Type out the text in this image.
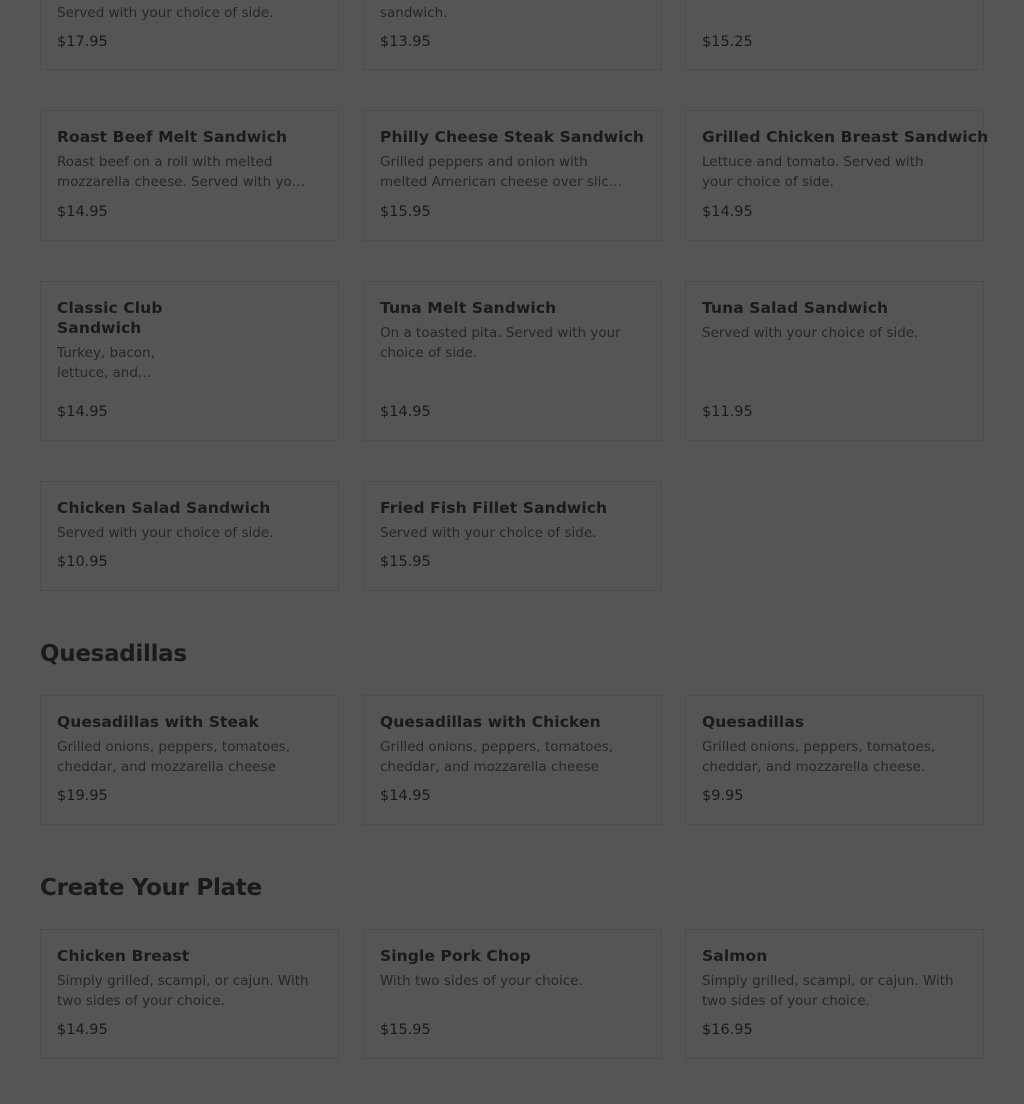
Served with your choice of side.
$17.95
sandwich.
$13.95	$15.25
Roast Beef Melt Sandwich
Roast beef on a roll with melted mozzarella cheese. Served with your
$14.95
Philly Cheese Steak Sandwich
Grilled peppers and onion with melted American cheese over sliced
$15.95
Grilled Chicken Breast Sandwich
Lettuce and tomato. Served with your choice of side.
$14.95
Classic Club Sandwich
Turkey, bacon, lettuce, and
$14.95
Tuna Melt Sandwich
On a toasted pita. Served with your choice of side.
$14.95
Tuna Salad Sandwich
Served with your choice of side.
$11.95
Chicken Salad Sandwich
Served with your choice of side.
$10.95
Fried Fish Fillet Sandwich
Served with your choice of side.
$15.95
Quesadillas
Quesadillas with Steak
Grilled onions, peppers, tomatoes, cheddar, and mozzarella cheese
$19.95
Quesadillas with Chicken
Grilled onions, peppers, tomatoes, cheddar, and mozzarella cheese
$14.95
Quesadillas
Grilled onions, peppers, tomatoes, cheddar, and mozzarella cheese.
$9.95
Create Your Plate
Chicken Breast
Simply grilled, scampi, or cajun. With two sides of your choice.
$14.95
Single Pork Chop
With two sides of your choice.
$15.95
Salmon
Simply grilled, scampi, or cajun. With two sides of your choice.
$16.95
